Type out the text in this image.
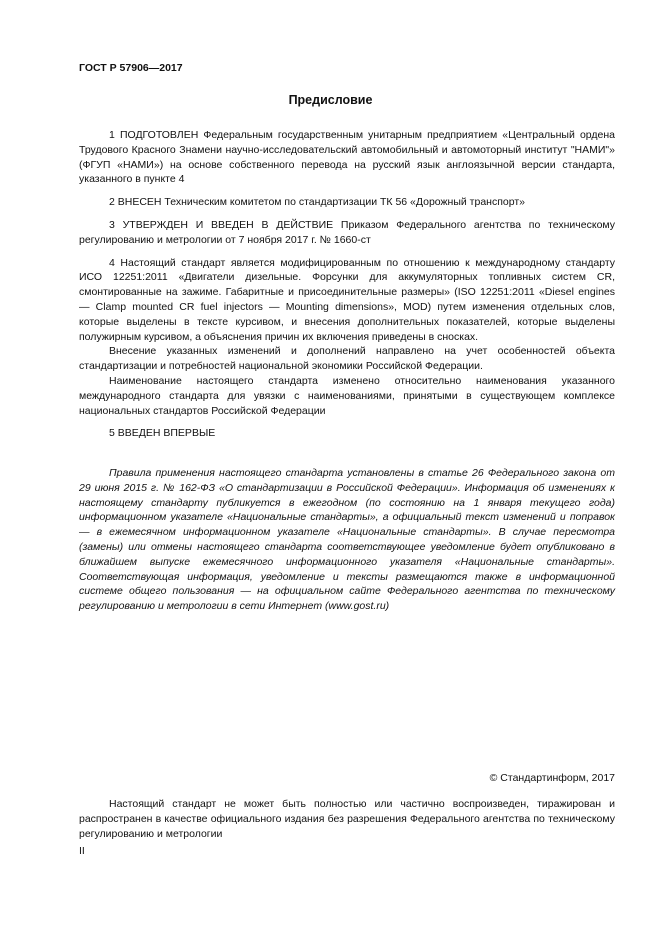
ГОСТ Р 57906—2017
Предисловие

1 ПОДГОТОВЛЕН Федеральным государственным унитарным предприятием «Центральный ордена Трудового Красного Знамени научно-исследовательский автомобильный и автомоторный институт "НАМИ"» (ФГУП «НАМИ») на основе собственного перевода на русский язык англоязычной версии стандарта, указанного в пункте 4

2 ВНЕСЕН Техническим комитетом по стандартизации ТК 56 «Дорожный транспорт»

3 УТВЕРЖДЕН И ВВЕДЕН В ДЕЙСТВИЕ Приказом Федерального агентства по техническому регулированию и метрологии от 7 ноября 2017 г. № 1660-ст

4 Настоящий стандарт является модифицированным по отношению к международному стандарту ИСО 12251:2011 «Двигатели дизельные. Форсунки для аккумуляторных топливных систем CR, смонтированные на зажиме. Габаритные и присоединительные размеры» (ISO 12251:2011 «Diesel engines — Clamp mounted CR fuel injectors — Mounting dimensions», MOD) путем изменения отдельных слов, которые выделены в тексте курсивом, и внесения дополнительных показателей, которые выделены полужирным курсивом, а объяснения причин их включения приведены в сносках.

Внесение указанных изменений и дополнений направлено на учет особенностей объекта стандартизации и потребностей национальной экономики Российской Федерации.

Наименование настоящего стандарта изменено относительно наименования указанного международного стандарта для увязки с наименованиями, принятыми в существующем комплексе национальных стандартов Российской Федерации

5 ВВЕДЕН ВПЕРВЫЕ

Правила применения настоящего стандарта установлены в статье 26 Федерального закона от 29 июня 2015 г. № 162-ФЗ «О стандартизации в Российской Федерации». Информация об изменениях к настоящему стандарту публикуется в ежегодном (по состоянию на 1 января текущего года) информационном указателе «Национальные стандарты», а официальный текст изменений и поправок — в ежемесячном информационном указателе «Национальные стандарты». В случае пересмотра (замены) или отмены настоящего стандарта соответствующее уведомление будет опубликовано в ближайшем выпуске ежемесячного информационного указателя «Национальные стандарты». Соответствующая информация, уведомление и тексты размещаются также в информационной системе общего пользования — на официальном сайте Федерального агентства по техническому регулированию и метрологии в сети Интернет (www.gost.ru)

© Стандартинформ, 2017

Настоящий стандарт не может быть полностью или частично воспроизведен, тиражирован и распространен в качестве официального издания без разрешения Федерального агентства по техническому регулированию и метрологии

II
